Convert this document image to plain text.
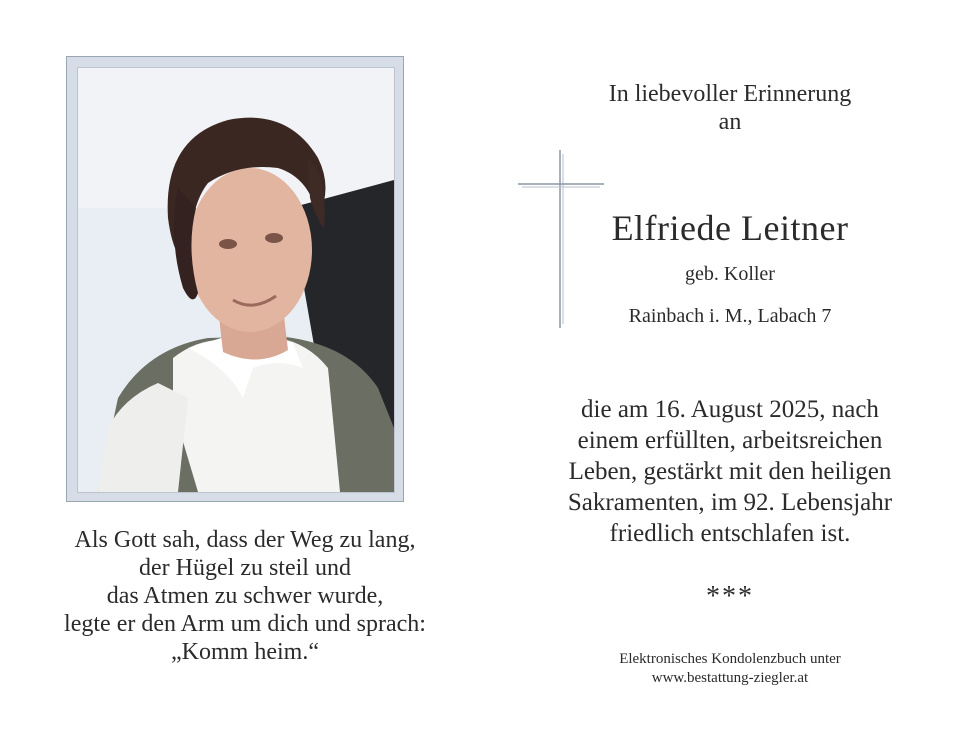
Als Gott sah, dass der Weg zu lang,
der Hügel zu steil und
das Atmen zu schwer wurde,
legte er den Arm um dich und sprach:
„Komm heim.“
In liebevoller Erinnerung
an
Elfriede Leitner
geb. Koller
Rainbach i. M., Labach 7
die am 16. August 2025, nach
einem erfüllten, arbeitsreichen
Leben, gestärkt mit den heiligen
Sakramenten, im 92. Lebensjahr
friedlich entschlafen ist.
***
Elektronisches Kondolenzbuch unter
www.bestattung-ziegler.at
